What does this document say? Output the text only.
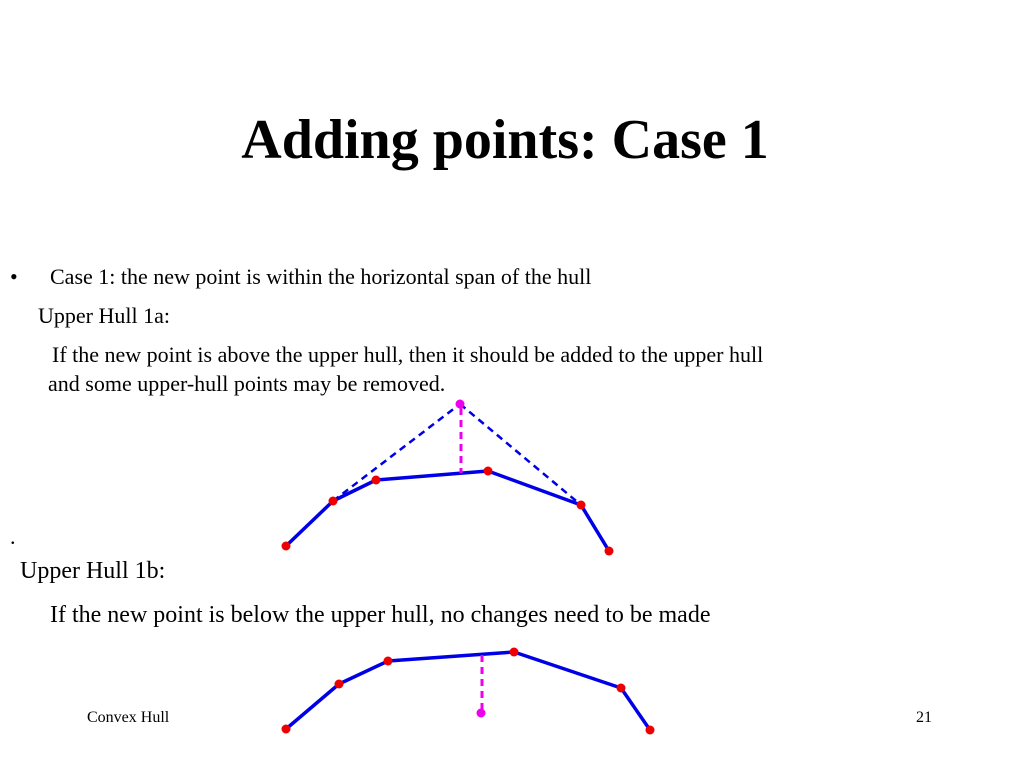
Adding points: Case 1
• Case 1: the new point is within the horizontal span of the hull
Upper Hull 1a:
If the new point is above the upper hull, then it should be added to the upper hull
and some upper-hull points may be removed.
.
Upper Hull 1b:
If the new point is below the upper hull, no changes need to be made
Convex Hull	21
